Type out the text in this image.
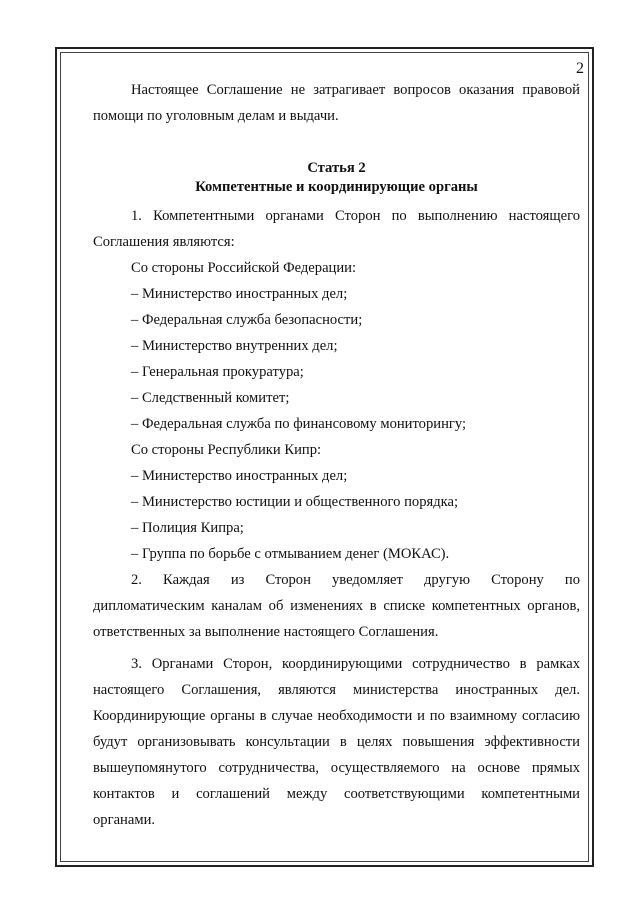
2

Настоящее Соглашение не затрагивает вопросов оказания правовой помощи по уголовным делам и выдачи.

Статья 2

Компетентные и координирующие органы

1. Компетентными органами Сторон по выполнению настоящего Соглашения являются:

Со стороны Российской Федерации:

– Министерство иностранных дел;

– Федеральная служба безопасности;

– Министерство внутренних дел;

– Генеральная прокуратура;

– Следственный комитет;

– Федеральная служба по финансовому мониторингу;

Со стороны Республики Кипр:

– Министерство иностранных дел;

– Министерство юстиции и общественного порядка;

– Полиция Кипра;

– Группа по борьбе с отмыванием денег (МОКАС).

2. Каждая из Сторон уведомляет другую Сторону по

дипломатическим каналам об изменениях в списке компетентных органов, ответственных за выполнение настоящего Соглашения.

3. Органами Сторон, координирующими сотрудничество в рамках настоящего Соглашения, являются министерства иностранных дел. Координирующие органы в случае необходимости и по взаимному согласию будут организовывать консультации в целях повышения эффективности вышеупомянутого сотрудничества, осуществляемого на основе прямых контактов и соглашений между соответствующими компетентными органами.
